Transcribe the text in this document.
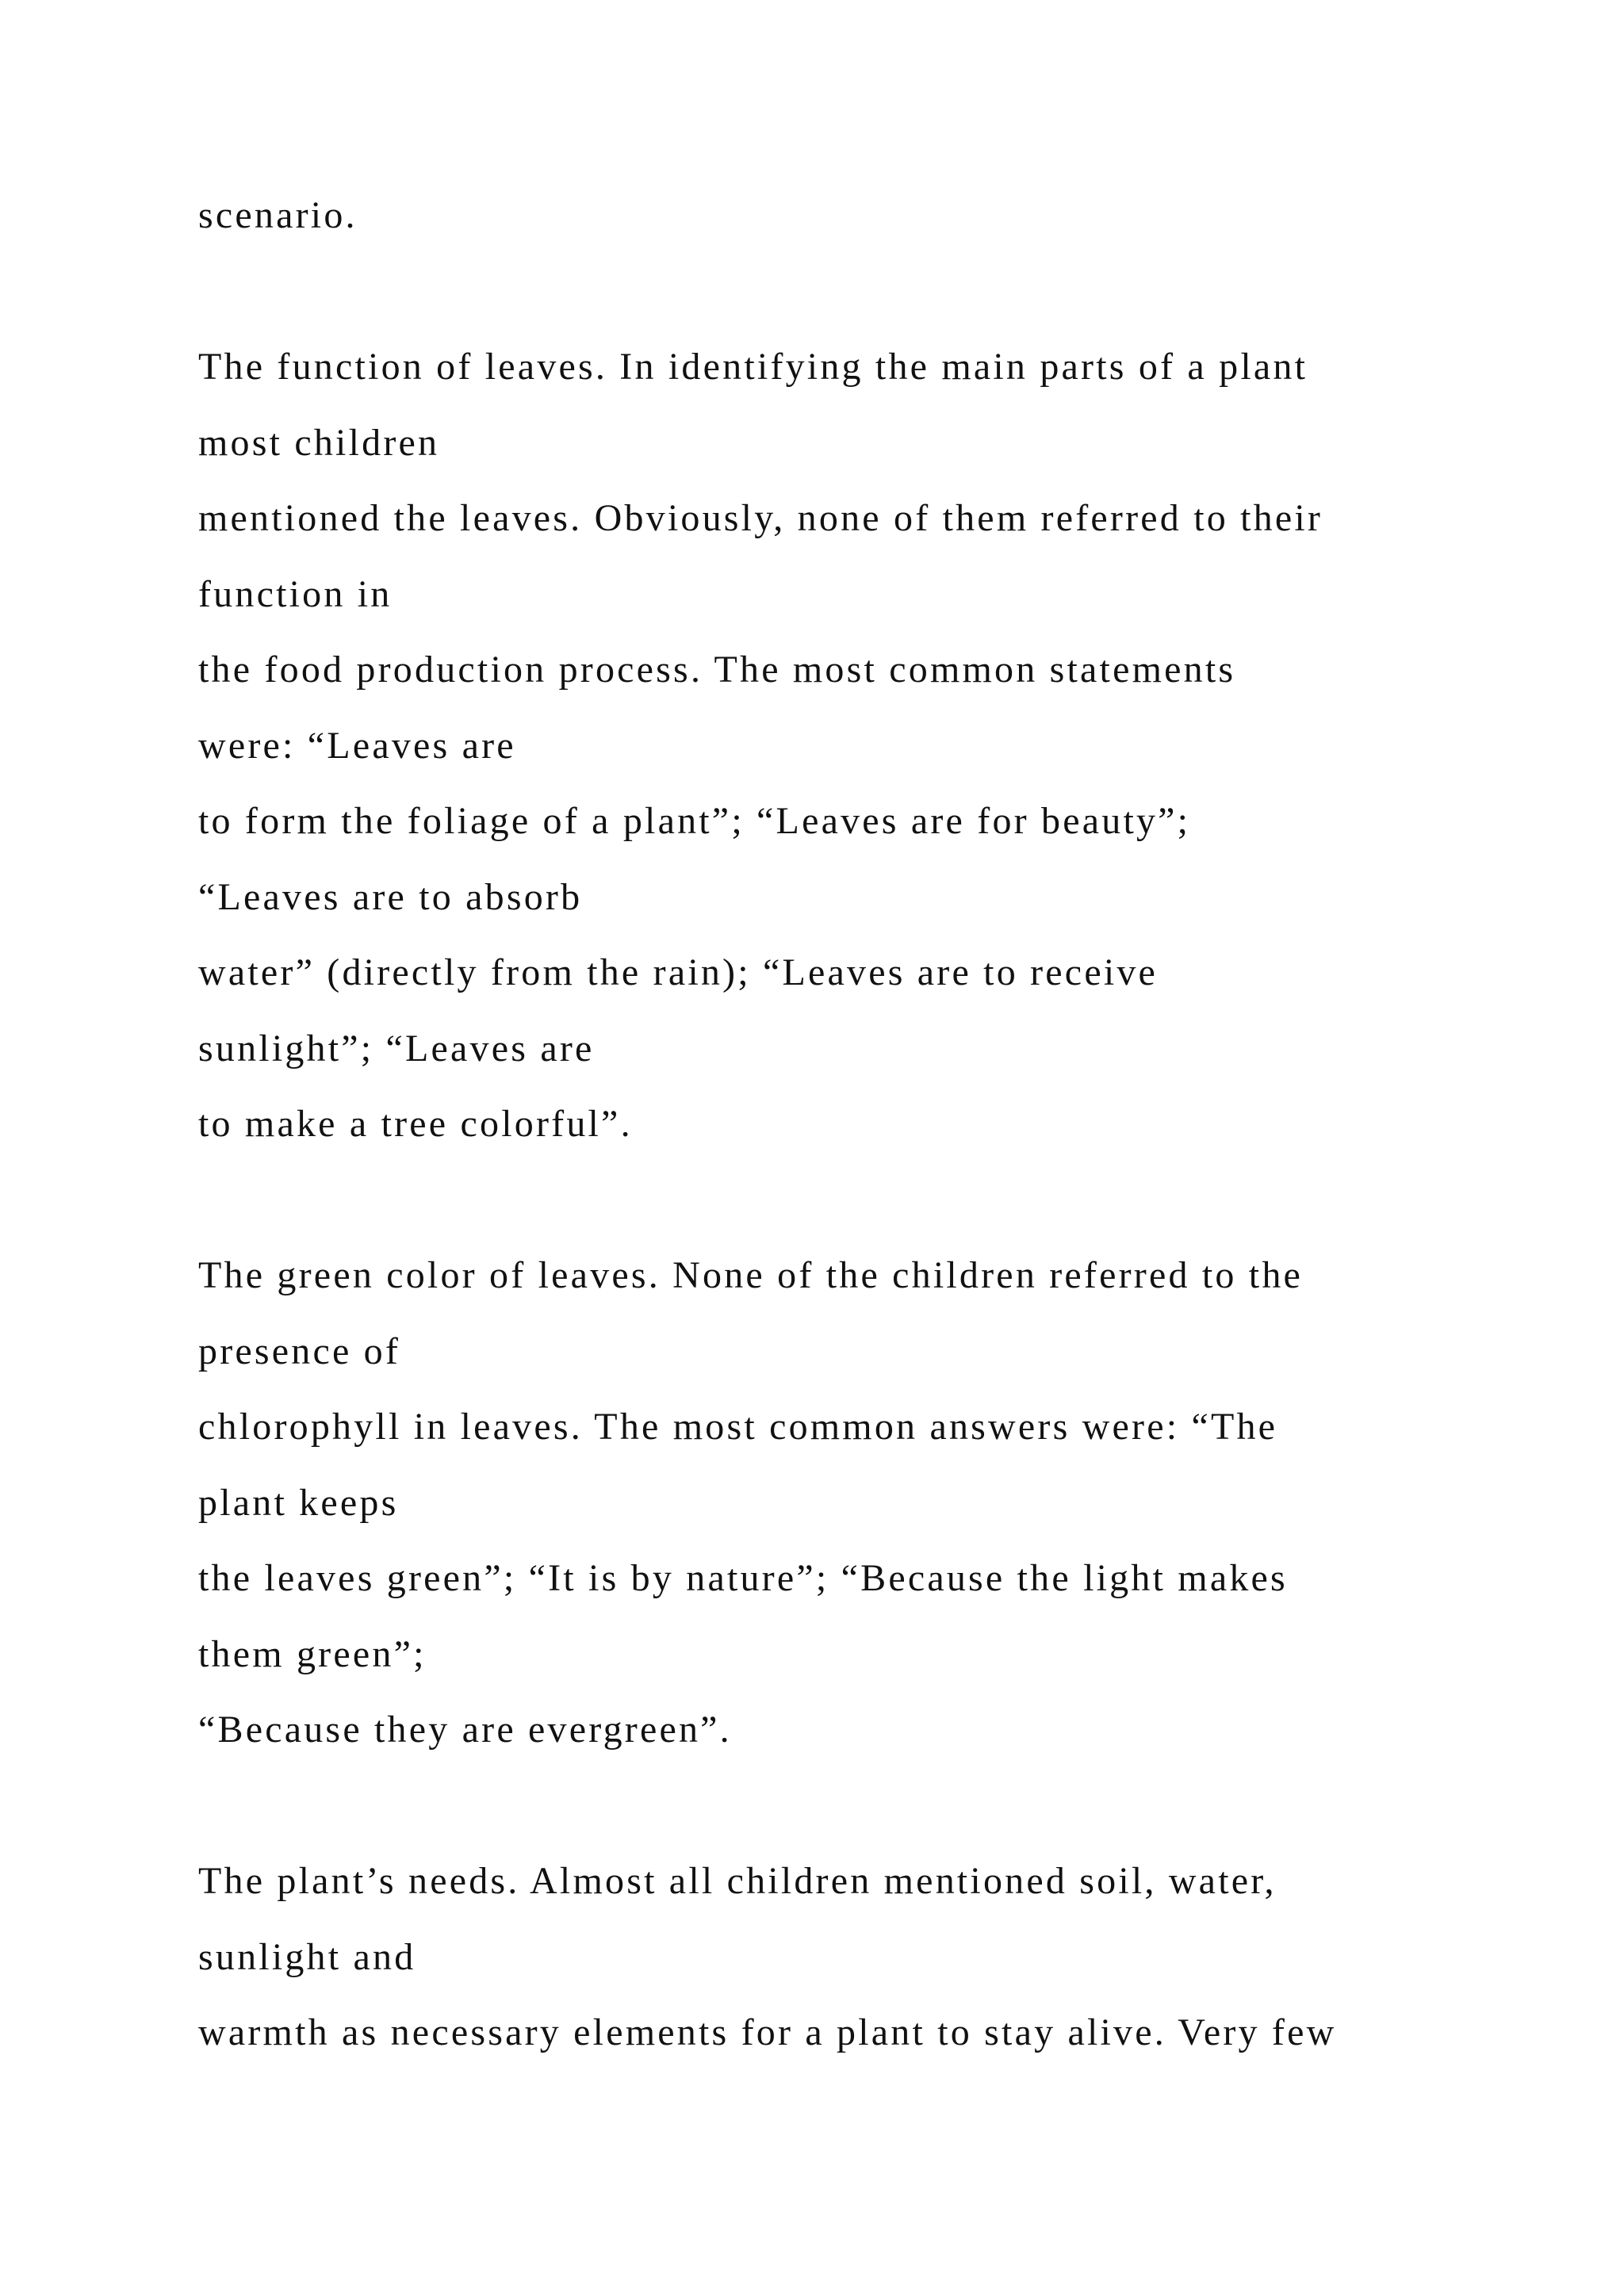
scenario.
The function of leaves. In identifying the main parts of a plant
most children
mentioned the leaves. Obviously, none of them referred to their
function in
the food production process. The most common statements
were: “Leaves are
to form the foliage of a plant”; “Leaves are for beauty”;
“Leaves are to absorb
water” (directly from the rain); “Leaves are to receive
sunlight”; “Leaves are
to make a tree colorful”.
The green color of leaves. None of the children referred to the
presence of
chlorophyll in leaves. The most common answers were: “The
plant keeps
the leaves green”; “It is by nature”; “Because the light makes
them green”;
“Because they are evergreen”.
The plant’s needs. Almost all children mentioned soil, water,
sunlight and
warmth as necessary elements for a plant to stay alive. Very few
